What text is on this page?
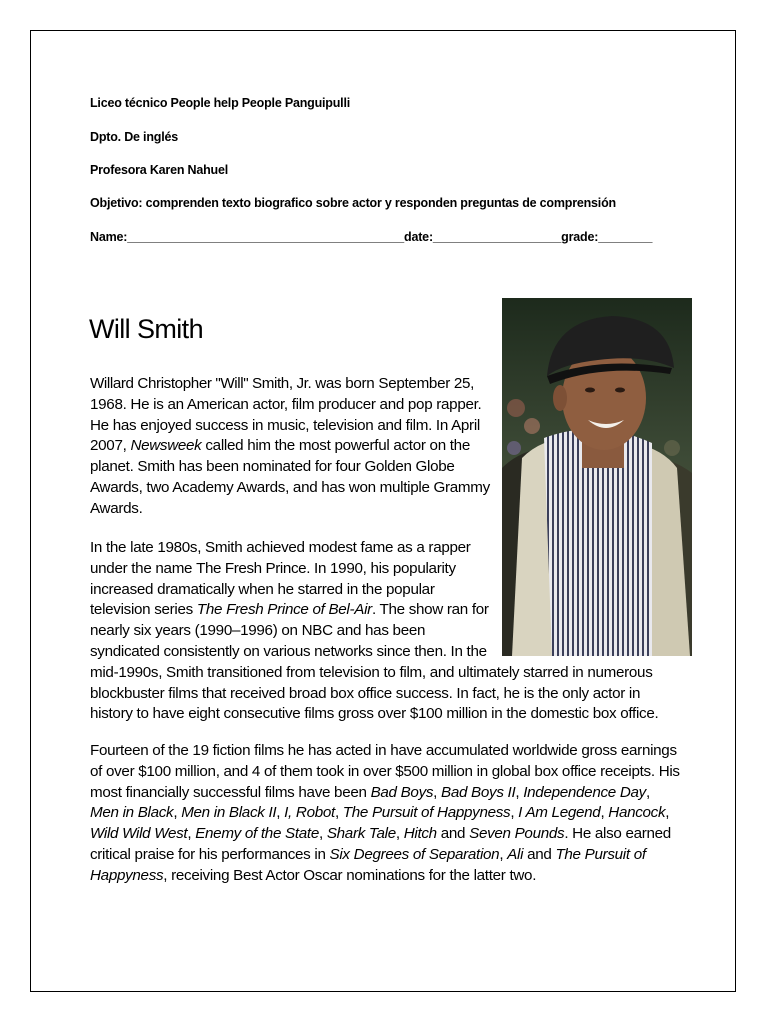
Liceo técnico People help People Panguipulli
Dpto. De inglés
Profesora Karen Nahuel
Objetivo: comprenden texto biografico sobre actor y responden preguntas de comprensión
Name:_________________________________________date:___________________grade:________
Will Smith

Willard Christopher "Will" Smith, Jr. was born September 25,
1968. He is an American actor, film producer and pop rapper.
He has enjoyed success in music, television and film. In April
2007, Newsweek called him the most powerful actor on the
planet. Smith has been nominated for four Golden Globe
Awards, two Academy Awards, and has won multiple Grammy
Awards.

In the late 1980s, Smith achieved modest fame as a rapper
under the name The Fresh Prince. In 1990, his popularity
increased dramatically when he starred in the popular
television series The Fresh Prince of Bel-Air. The show ran for
nearly six years (1990–1996) on NBC and has been
syndicated consistently on various networks since then. In the
mid-1990s, Smith transitioned from television to film, and ultimately starred in numerous
blockbuster films that received broad box office success. In fact, he is the only actor in
history to have eight consecutive films gross over $100 million in the domestic box office.

Fourteen of the 19 fiction films he has acted in have accumulated worldwide gross earnings
of over $100 million, and 4 of them took in over $500 million in global box office receipts. His
most financially successful films have been Bad Boys, Bad Boys II, Independence Day,
Men in Black, Men in Black II, I, Robot, The Pursuit of Happyness, I Am Legend, Hancock,
Wild Wild West, Enemy of the State, Shark Tale, Hitch and Seven Pounds. He also earned
critical praise for his performances in Six Degrees of Separation, Ali and The Pursuit of
Happyness, receiving Best Actor Oscar nominations for the latter two.
